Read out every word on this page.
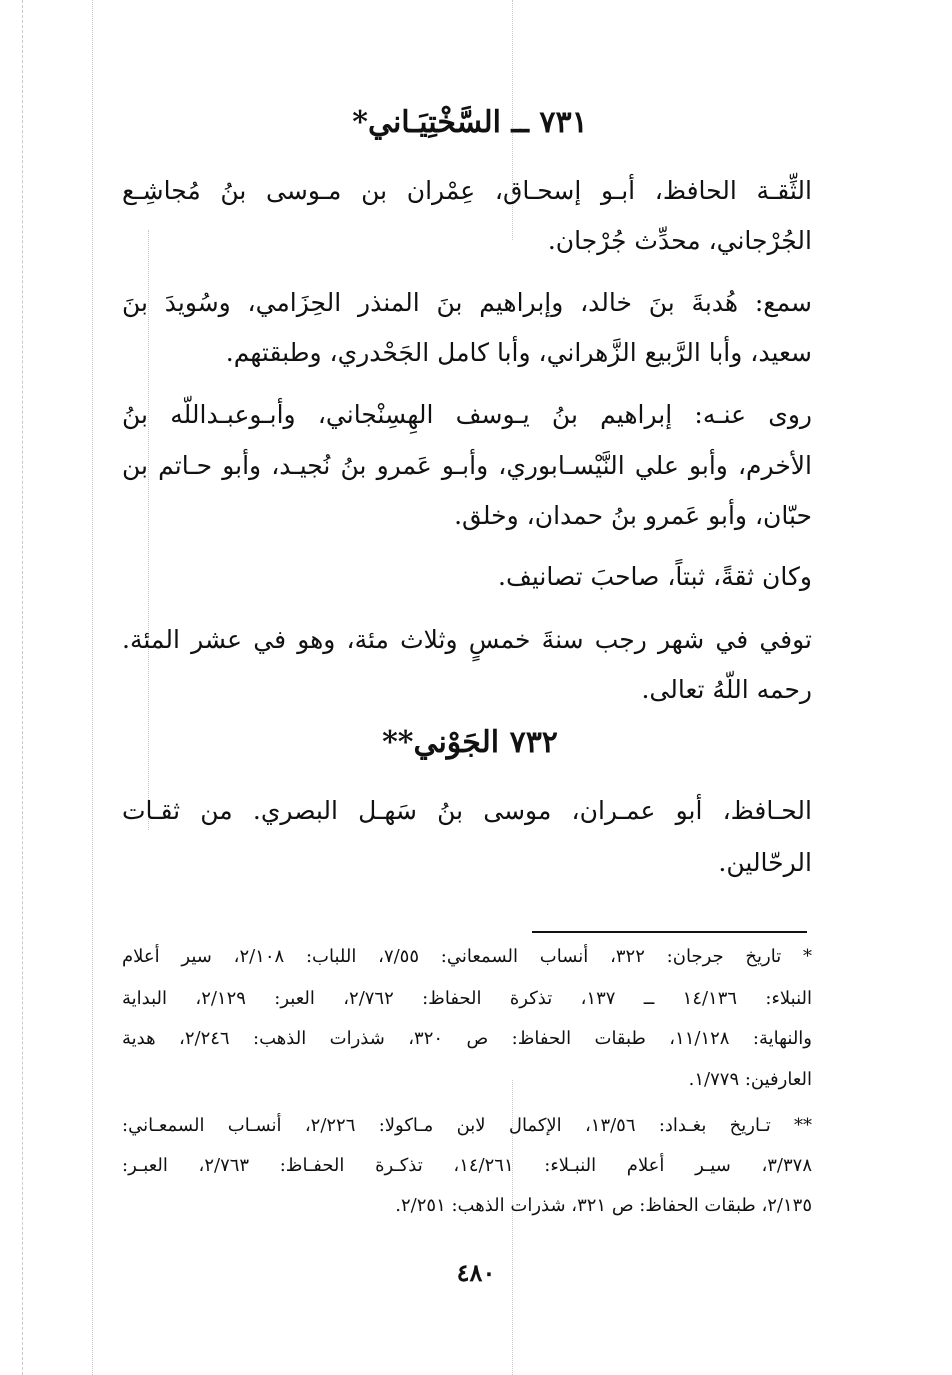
٧٣١ ــ السَّخْتِيَـاني*
الثِّقـة الحافظ، أبـو إسحـاق، عِمْران بن مـوسى بنُ مُجاشِـع
الجُرْجاني، محدِّث جُرْجان.
سمع: هُدبةَ بنَ خالد، وإبراهيم بنَ المنذر الحِزَامي، وسُويدَ بنَ
سعيد، وأبا الرَّبيع الزَّهراني، وأبا كامل الجَحْدري، وطبقتهم.
روى عنـه: إبراهيم بنُ يـوسف الهِسِنْجاني، وأبـوعبـداللّه بنُ
الأخرم، وأبو علي النَّيْسـابوري، وأبـو عَمرو بنُ نُجيـد، وأبو حـاتم بن
حبّان، وأبو عَمرو بنُ حمدان، وخلق.
وكان ثقةً، ثبتاً، صاحبَ تصانيف.
توفي في شهر رجب سنةَ خمسٍ وثلاث مئة، وهو في عشر المئة.
رحمه اللّهُ تعالى.
٧٣٢ الجَوْني**
الحـافظ، أبو عمـران، موسى بنُ سَهـل البصري. من ثقـات
الرحّالين.
* تاريخ جرجان: ٣٢٢، أنساب السمعاني: ٧/٥٥، اللباب: ٢/١٠٨، سير أعلام
النبلاء: ١٤/١٣٦ ــ ١٣٧، تذكرة الحفاظ: ٢/٧٦٢، العبر: ٢/١٢٩، البداية
والنهاية: ١١/١٢٨، طبقات الحفاظ: ص ٣٢٠، شذرات الذهب: ٢/٢٤٦، هدية
العارفين: ١/٧٧٩.
** تـاريخ بغـداد: ١٣/٥٦، الإكمال لابن مـاكولا: ٢/٢٢٦، أنسـاب السمعـاني:
٣/٣٧٨، سيـر أعلام النبـلاء: ١٤/٢٦١، تذكـرة الحفـاظ: ٢/٧٦٣، العبـر:
٢/١٣٥، طبقات الحفاظ: ص ٣٢١، شذرات الذهب: ٢/٢٥١.
٤٨٠
